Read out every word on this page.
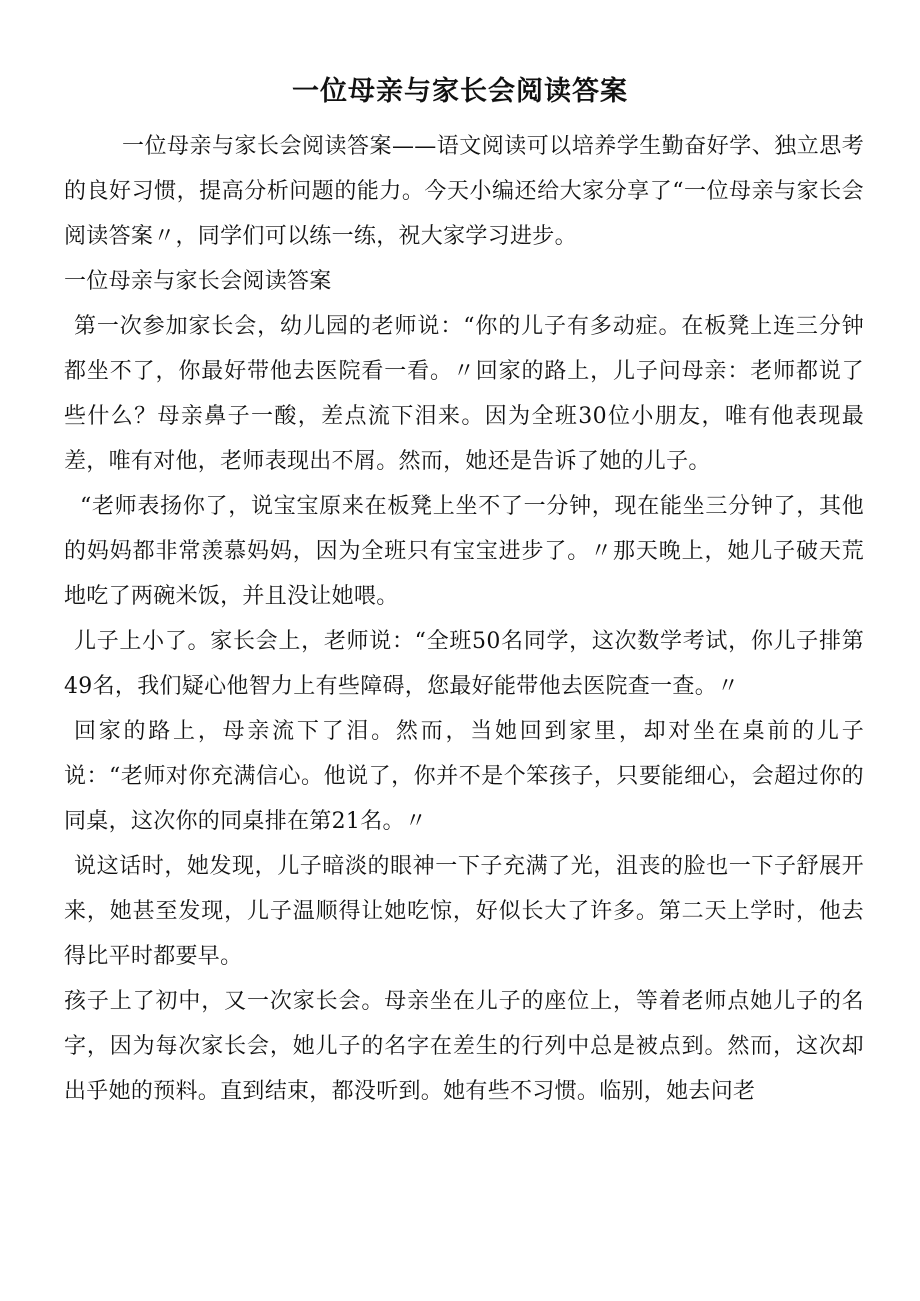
一位母亲与家长会阅读答案

一位母亲与家长会阅读答案——语文阅读可以培养学生勤奋好学、独立思考的良好习惯，提高分析问题的能力。今天小编还给大家分享了“一位母亲与家长会阅读答案〃，同学们可以练一练，祝大家学习进步。

一位母亲与家长会阅读答案

第一次参加家长会，幼儿园的老师说：“你的儿子有多动症。在板凳上连三分钟都坐不了，你最好带他去医院看一看。〃回家的路上，儿子问母亲：老师都说了些什么？母亲鼻子一酸，差点流下泪来。因为全班30位小朋友，唯有他表现最差，唯有对他，老师表现出不屑。然而，她还是告诉了她的儿子。

“老师表扬你了，说宝宝原来在板凳上坐不了一分钟，现在能坐三分钟了，其他的妈妈都非常羡慕妈妈，因为全班只有宝宝进步了。〃那天晚上，她儿子破天荒地吃了两碗米饭，并且没让她喂。

儿子上小了。家长会上，老师说：“全班50名同学，这次数学考试，你儿子排第49名，我们疑心他智力上有些障碍，您最好能带他去医院查一查。〃

回家的路上，母亲流下了泪。然而，当她回到家里，却对坐在桌前的儿子说：“老师对你充满信心。他说了，你并不是个笨孩子，只要能细心，会超过你的同桌，这次你的同桌排在第21名。〃

说这话时，她发现，儿子暗淡的眼神一下子充满了光，沮丧的脸也一下子舒展开来，她甚至发现，儿子温顺得让她吃惊，好似长大了许多。第二天上学时，他去得比平时都要早。

孩子上了初中，又一次家长会。母亲坐在儿子的座位上，等着老师点她儿子的名字，因为每次家长会，她儿子的名字在差生的行列中总是被点到。然而，这次却出乎她的预料。直到结束，都没听到。她有些不习惯。临别，她去问老
